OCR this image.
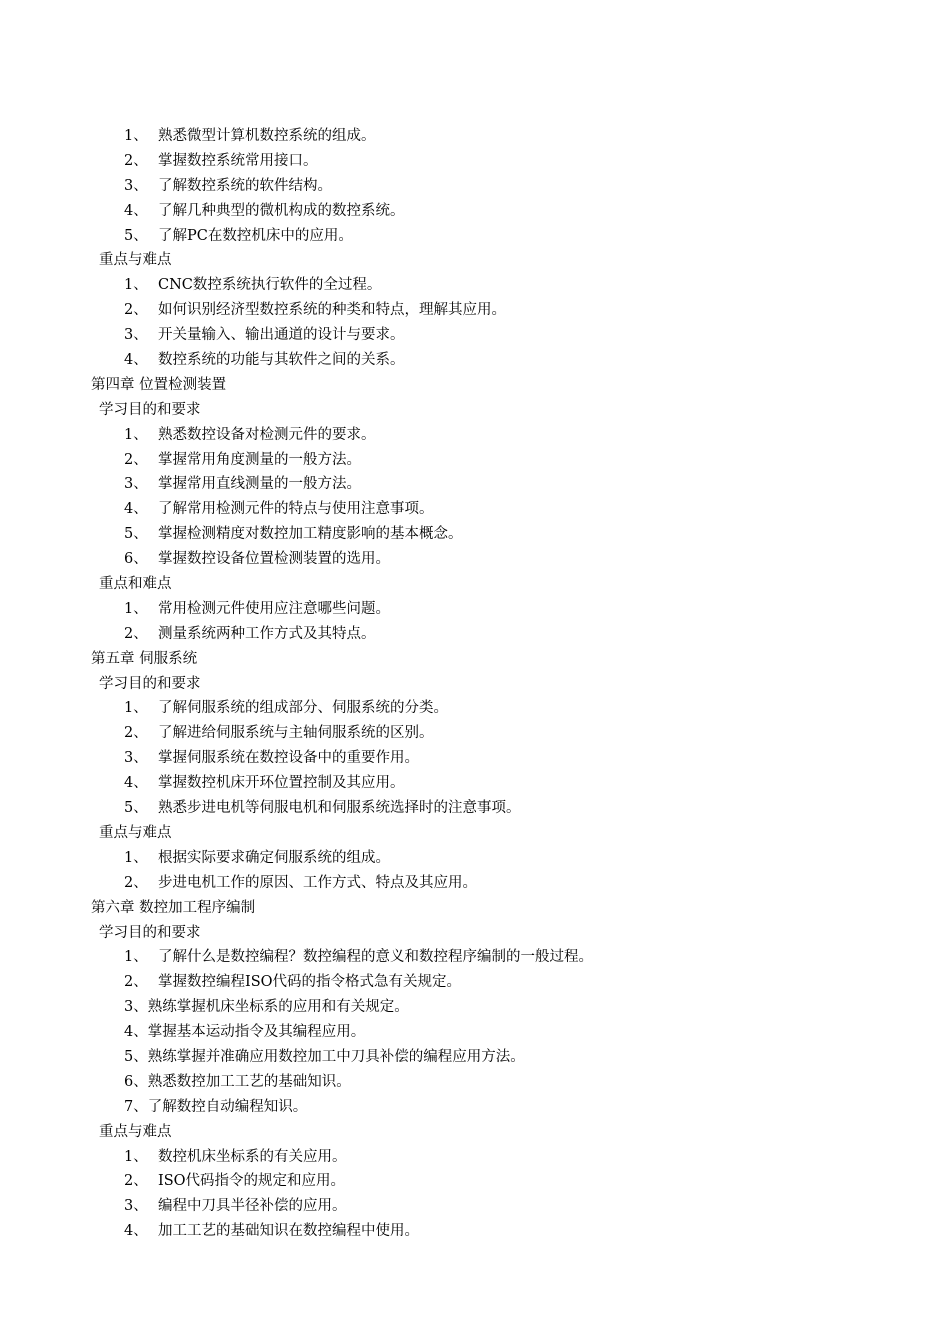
1、 熟悉微型计算机数控系统的组成。
2、 掌握数控系统常用接口。
3、 了解数控系统的软件结构。
4、 了解几种典型的微机构成的数控系统。
5、 了解PC在数控机床中的应用。
重点与难点
1、 CNC数控系统执行软件的全过程。
2、 如何识别经济型数控系统的种类和特点，理解其应用。
3、 开关量输入、输出通道的设计与要求。
4、 数控系统的功能与其软件之间的关系。
第四章 位置检测装置
学习目的和要求
1、 熟悉数控设备对检测元件的要求。
2、 掌握常用角度测量的一般方法。
3、 掌握常用直线测量的一般方法。
4、 了解常用检测元件的特点与使用注意事项。
5、 掌握检测精度对数控加工精度影响的基本概念。
6、 掌握数控设备位置检测装置的选用。
重点和难点
1、 常用检测元件使用应注意哪些问题。
2、 测量系统两种工作方式及其特点。
第五章 伺服系统
学习目的和要求
1、 了解伺服系统的组成部分、伺服系统的分类。
2、 了解进给伺服系统与主轴伺服系统的区别。
3、 掌握伺服系统在数控设备中的重要作用。
4、 掌握数控机床开环位置控制及其应用。
5、 熟悉步进电机等伺服电机和伺服系统选择时的注意事项。
重点与难点
1、 根据实际要求确定伺服系统的组成。
2、 步进电机工作的原因、工作方式、特点及其应用。
第六章 数控加工程序编制
学习目的和要求
1、 了解什么是数控编程？数控编程的意义和数控程序编制的一般过程。
2、 掌握数控编程ISO代码的指令格式急有关规定。
3、熟练掌握机床坐标系的应用和有关规定。
4、掌握基本运动指令及其编程应用。
5、熟练掌握并准确应用数控加工中刀具补偿的编程应用方法。
6、熟悉数控加工工艺的基础知识。
7、了解数控自动编程知识。
重点与难点
1、 数控机床坐标系的有关应用。
2、 ISO代码指令的规定和应用。
3、 编程中刀具半径补偿的应用。
4、 加工工艺的基础知识在数控编程中使用。
